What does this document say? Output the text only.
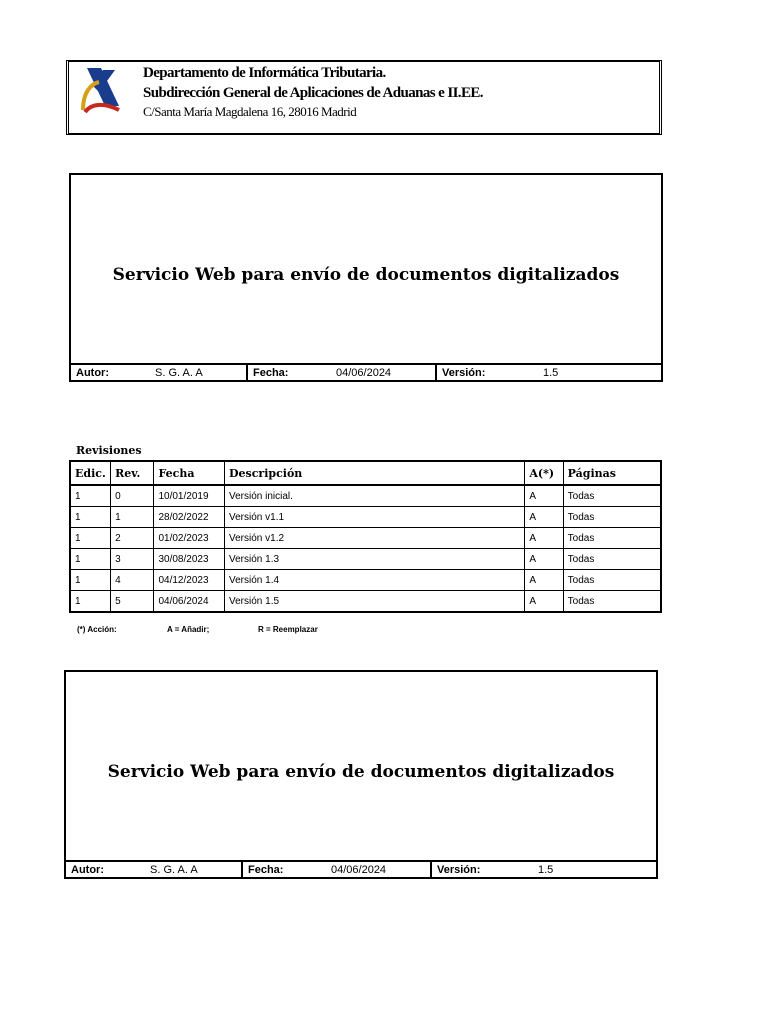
Departamento de Informática Tributaria.
Subdirección General de Aplicaciones de Aduanas e II.EE.
C/Santa María Magdalena 16, 28016 Madrid
Servicio Web para envío de documentos digitalizados
Autor:	S. G. A. A	Fecha:	04/06/2024	Versión:	1.5
Revisiones
Edic.	Rev.	Fecha	Descripción	A(*)	Páginas
1	0	10/01/2019	Versión inicial.	A	Todas
1	1	28/02/2022	Versión v1.1	A	Todas
1	2	01/02/2023	Versión v1.2	A	Todas
1	3	30/08/2023	Versión 1.3	A	Todas
1	4	04/12/2023	Versión 1.4	A	Todas
1	5	04/06/2024	Versión 1.5	A	Todas
(*) Acción:	A = Añadir;	R = Reemplazar
Servicio Web para envío de documentos digitalizados
Autor:	S. G. A. A	Fecha:	04/06/2024	Versión:	1.5
